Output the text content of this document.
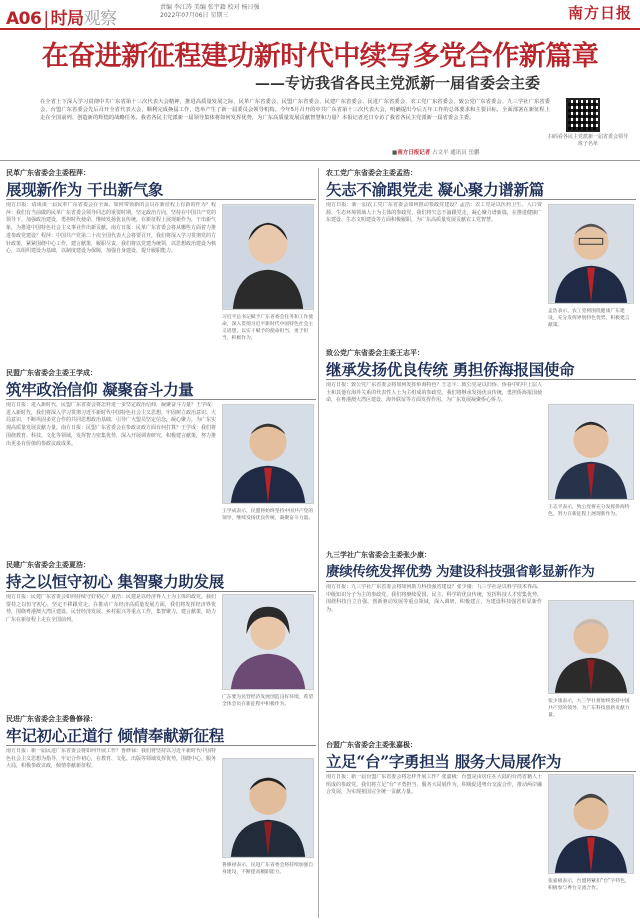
A06 | 时局观察
责编 李江涛 美编 张宇籍 校对 杨日强
2022年07月06日 星期三	南方日报
在奋进新征程建功新时代中续写多党合作新篇章
——专访我省各民主党派新一届省委会主委
在全省上下深入学习贯彻中共广东省第十三次代表大会精神，推进高质量发展之际，民革广东省委会、民盟广东省委会、民建广东省委会、民进广东省委会、农工党广东省委会、致公党广东省委会、九三学社广东省委会、台盟广东省委会先后召开全省代表大会，顺利完成换届工作，选举产生了新一届委员会领导机构。今年5月召开的中共广东省第十三次代表大会，明确提出今后五年工作的总体要求和主要目标，全面部署在新征程上走在全国前列、创造新的辉煌的战略任务。我省各民主党派新一届领导集体将如何发挥优势，为广东高质量发展贡献智慧和力量？本报记者近日专访了我省各民主党派新一届省委会主委。
扫码看各民主党派新一届省委会领导班子名单
■南方日报记者 占文平 通讯员 岳鹏
民革广东省委会主委程萍：
展现新作为 干出新气象
南方日报：请谈谈一届民革广东省委会在全面、如何带领新的会员在新征程上有新的作为？程萍：我们有当前做的民革广东省委会领导同志的重要时期，坚定政治方向，坚持在中国共产党的领导下，加强政治建设，勇担时代使命，继续发扬优良传统，在新征程上展现新作为，干出新气象，为推进中国特色社会主义事业作出新贡献。南方日报：民革广东省委会将从哪些方面着力推进参政党建设？程萍：中国共产党第二十次全国代表大会将要召开，我们将深入学习贯彻党的方针政策，紧紧围绕中心工作，建言献策，履职尽责。我们将以党建为统领，以思想政治建设为核心，以组织建设为基础，以制度建设为保障，加强自身建设，提升履职能力。
习近平总书记赋予广东省委会任务和工作使命，深入贯彻习近平新时代中国特色社会主义思想，以实干赋予的使命担当，勇于担当，积极作为。
民盟广东省委会主委王学成：
筑牢政治信仰 凝聚奋斗力量
南方日报：进入新时代，民盟广东省委会将怎样进一步坚定政治信仰，凝聚奋斗力量？王学成：进入新时代，我们将深入学习贯彻习近平新时代中国特色社会主义思想，牢固树立政治意识、大局意识，不断巩固多党合作的共同思想政治基础，引导广大盟员坚定信念，凝心聚力，为广东实现高质量发展贡献力量。南方日报：民盟广东省委会在参政议政方面有何打算？王学成：我们将围绕教育、科技、文化等领域，发挥智力密集优势，深入开展调查研究，积极建言献策，努力推出更多有价值的参政议政成果。
王学成表示，民盟将始终坚持中国共产党的领导，继续发扬优良传统，凝聚奋斗力量。
民建广东省委会主委夏浩：
持之以恒守初心 集智聚力助发展
南方日报：民建广东省委会如何持续守好初心？夏浩：民建是以经济界人士为主体的政党，我们要持之以恒守初心，坚定不移跟党走。在推动广东经济高质量发展方面，我们将发挥经济界优势，围绕粤港澳大湾区建设、民营经济发展、乡村振兴等重点工作，集智聚力，建言献策，助力广东在新征程上走在全国前列。
广东要为民营经济发展创造良好环境，希望全体会员在新征程中积极作为。
民进广东省委会主委鲁修禄：
牢记初心正道行 倾情奉献新征程
南方日报：新一届民进广东省委会将如何开展工作？鲁修禄：我们将坚持以习近平新时代中国特色社会主义思想为指导，牢记合作初心，在教育、文化、出版等领域发挥优势，围绕中心，服务大局，积极参政议政，倾情奉献新征程。
鲁修禄表示，民进广东省委会将持续加强自身建设，不断提高履职能力。
农工党广东省委会主委孟浩：
矢志不渝跟党走 凝心聚力谱新篇
南方日报：新一届农工党广东省委会如何推动参政党建设？孟浩：农工党是以医药卫生、人口资源、生态环境领域人士为主体的参政党，我们将矢志不渝跟党走，凝心聚力谱新篇，在推进健康广东建设、生态文明建设等方面积极履职，为广东高质量发展贡献农工党智慧。
孟浩表示，农工党将围绕健康广东建设，充分发挥界别特色优势，积极建言献策。
致公党广东省委会主委王志平：
继承发扬优良传统 勇担侨海报国使命
南方日报：致公党广东省委会将如何发挥侨海特色？王志平：致公党是以归侨、侨眷中的中上层人士和其他有海外关系的代表性人士为主组成的参政党。我们将继承发扬优良传统，勇担侨海报国使命，在粤港澳大湾区建设、海外联谊等方面发挥作用，为广东发展凝聚侨心侨力。
王志平表示，致公党将充分发挥侨海特色，努力在新征程上展现新作为。
九三学社广东省委会主委张少康：
赓续传统发挥优势 为建设科技强省彰显新作为
南方日报：九三学社广东省委会将如何助力科技强省建设？张少康：九三学社是以科学技术界高、中级知识分子为主的参政党，我们将赓续爱国、民主、科学的优良传统，发挥科技人才密集优势，围绕科技自立自强、创新驱动发展等重点领域，深入调研，积极建言，为建设科技强省彰显新作为。
张少康表示，九三学社将始终坚持中国共产党的领导，为广东科技创新贡献力量。
台盟广东省委会主委张嘉极：
立足“台”字勇担当 服务大局展作为
南方日报：新一届台盟广东省委会将怎样开展工作？张嘉极：台盟是由居住在大陆的台湾省籍人士组成的参政党。我们将立足“台”字勇担当，服务大局展作为，积极促进粤台交流合作，推动两岸融合发展，为实现祖国完全统一贡献力量。
张嘉极表示，台盟将紧扣“台”字特色，积极参与粤台交流合作。
